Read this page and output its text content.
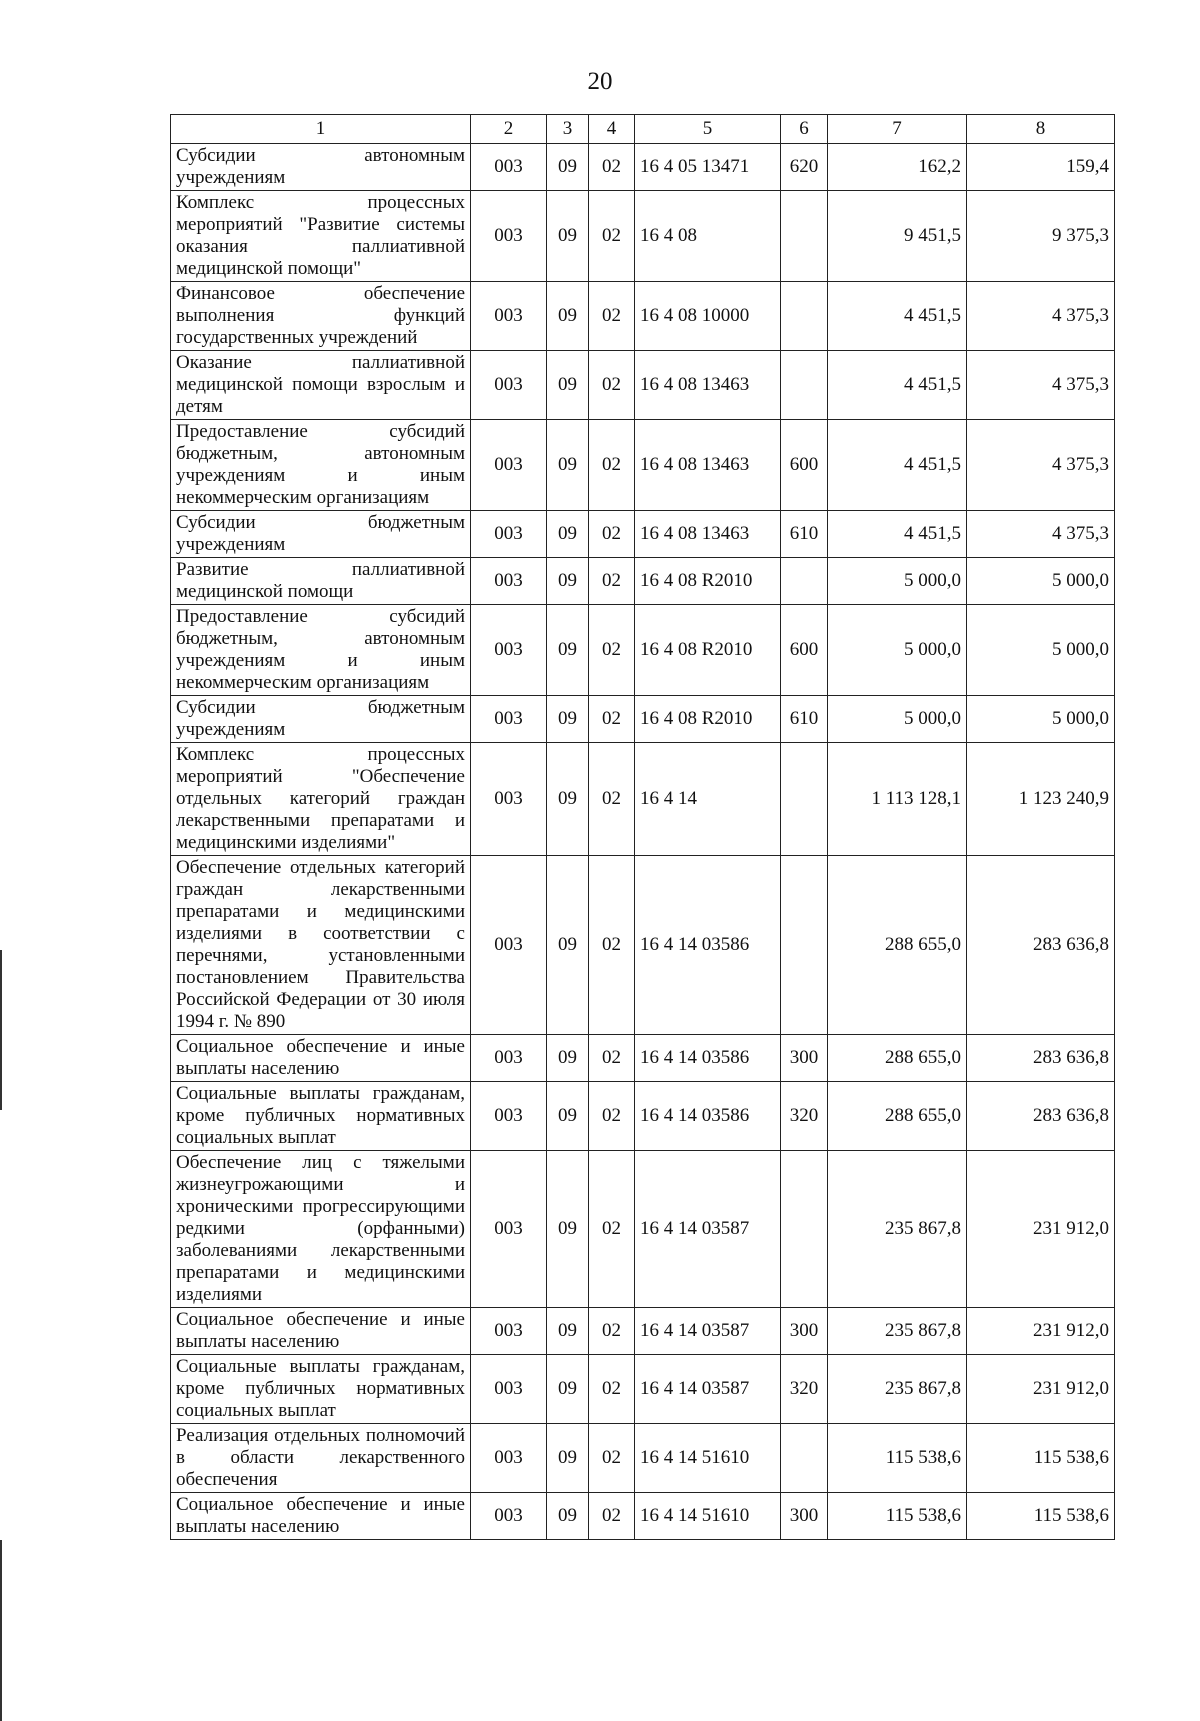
20
1	2	3	4	5	6	7	8
Субсидии автономным учреждениям	003	09	02	16 4 05 13471	620	162,2	159,4
Комплекс процессных мероприятий "Развитие системы оказания паллиативной медицинской помощи"	003	09	02	16 4 08		9 451,5	9 375,3
Финансовое обеспечение выполнения функций государственных учреждений	003	09	02	16 4 08 10000		4 451,5	4 375,3
Оказание паллиативной медицинской помощи взрослым и детям	003	09	02	16 4 08 13463		4 451,5	4 375,3
Предоставление субсидий бюджетным, автономным учреждениям и иным некоммерческим организациям	003	09	02	16 4 08 13463	600	4 451,5	4 375,3
Субсидии бюджетным учреждениям	003	09	02	16 4 08 13463	610	4 451,5	4 375,3
Развитие паллиативной медицинской помощи	003	09	02	16 4 08 R2010		5 000,0	5 000,0
Предоставление субсидий бюджетным, автономным учреждениям и иным некоммерческим организациям	003	09	02	16 4 08 R2010	600	5 000,0	5 000,0
Субсидии бюджетным учреждениям	003	09	02	16 4 08 R2010	610	5 000,0	5 000,0
Комплекс процессных мероприятий "Обеспечение отдельных категорий граждан лекарственными препаратами и медицинскими изделиями"	003	09	02	16 4 14		1 113 128,1	1 123 240,9
Обеспечение отдельных категорий граждан лекарственными препаратами и медицинскими изделиями в соответствии с перечнями, установленными постановлением Правительства Российской Федерации от 30 июля 1994 г. № 890	003	09	02	16 4 14 03586		288 655,0	283 636,8
Социальное обеспечение и иные выплаты населению	003	09	02	16 4 14 03586	300	288 655,0	283 636,8
Социальные выплаты гражданам, кроме публичных нормативных социальных выплат	003	09	02	16 4 14 03586	320	288 655,0	283 636,8
Обеспечение лиц с тяжелыми жизнеугрожающими и хроническими прогрессирующими редкими (орфанными) заболеваниями лекарственными препаратами и медицинскими изделиями	003	09	02	16 4 14 03587		235 867,8	231 912,0
Социальное обеспечение и иные выплаты населению	003	09	02	16 4 14 03587	300	235 867,8	231 912,0
Социальные выплаты гражданам, кроме публичных нормативных социальных выплат	003	09	02	16 4 14 03587	320	235 867,8	231 912,0
Реализация отдельных полномочий в области лекарственного обеспечения	003	09	02	16 4 14 51610		115 538,6	115 538,6
Социальное обеспечение и иные выплаты населению	003	09	02	16 4 14 51610	300	115 538,6	115 538,6
